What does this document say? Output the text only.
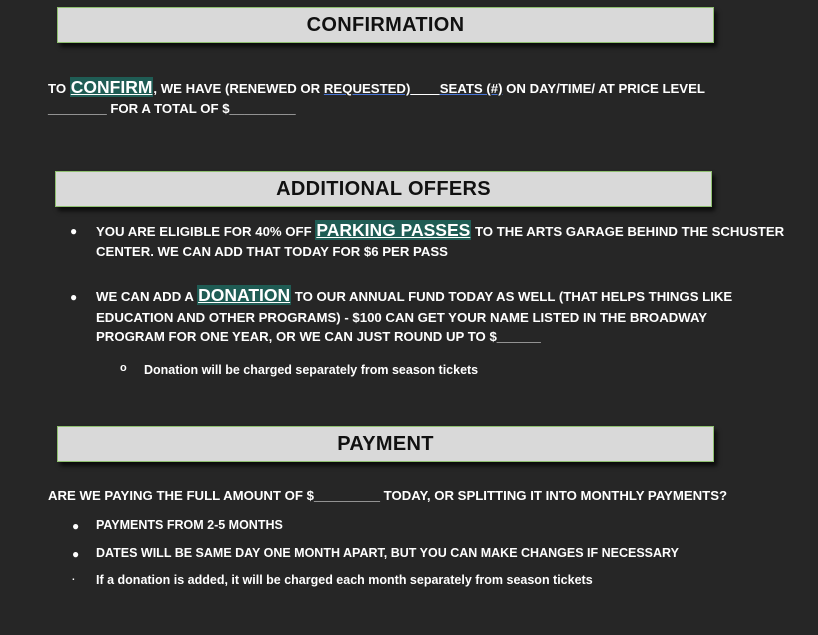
CONFIRMATION
TO CONFIRM, WE HAVE (RENEWED OR REQUESTED) ___ SEATS (#) ON DAY/TIME/ AT PRICE LEVEL
________ FOR A TOTAL OF $_________
ADDITIONAL OFFERS
● YOU ARE ELIGIBLE FOR 40% OFF PARKING PASSES TO THE ARTS GARAGE BEHIND THE SCHUSTER
CENTER. WE CAN ADD THAT TODAY FOR $6 PER PASS
● WE CAN ADD A DONATION TO OUR ANNUAL FUND TODAY AS WELL (THAT HELPS THINGS LIKE
EDUCATION AND OTHER PROGRAMS) - $100 CAN GET YOUR NAME LISTED IN THE BROADWAY
PROGRAM FOR ONE YEAR, OR WE CAN JUST ROUND UP TO $______
o Donation will be charged separately from season tickets
PAYMENT
ARE WE PAYING THE FULL AMOUNT OF $_________ TODAY, OR SPLITTING IT INTO MONTHLY PAYMENTS?
● PAYMENTS FROM 2-5 MONTHS
● DATES WILL BE SAME DAY ONE MONTH APART, BUT YOU CAN MAKE CHANGES IF NECESSARY
. If a donation is added, it will be charged each month separately from season tickets
